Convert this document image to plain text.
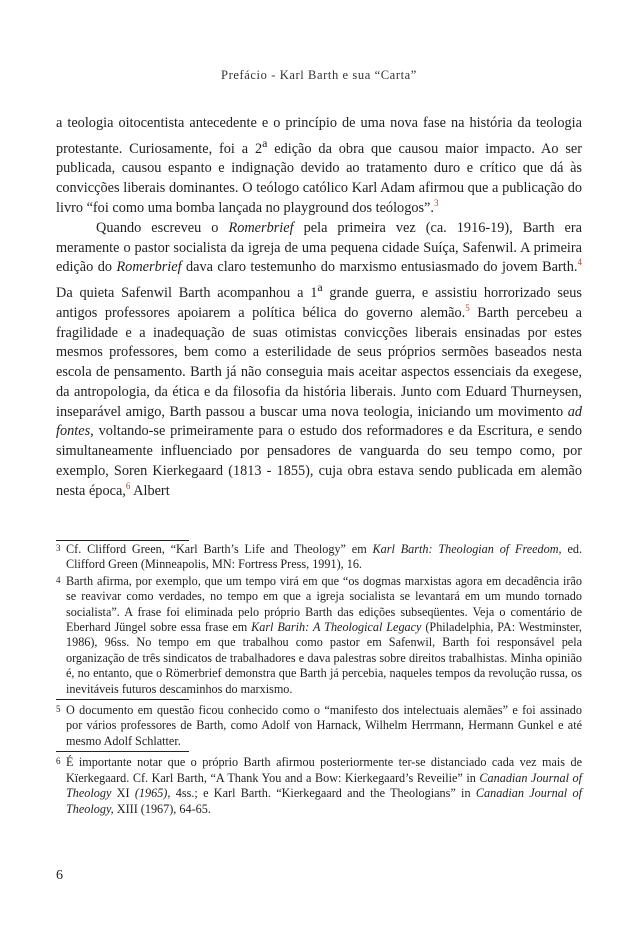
Prefácio - Karl Barth e sua “Carta”

a teologia oitocentista antecedente e o princípio de uma nova fase na história da teologia protestante. Curiosamente, foi a 2$^a$ edição da obra que causou maior impacto. Ao ser publicada, causou espanto e indignação devido ao tratamento duro e crítico que dá às convicções liberais dominantes. O teólogo católico Karl Adam afirmou que a publicação do livro “foi como uma bomba lançada no playground dos teólogos”.$^3$

Quando escreveu o Romerbrief pela primeira vez (ca. 1916-19), Barth era meramente o pastor socialista da igreja de uma pequena cidade Suíça, Safenwil. A primeira edição do Romerbrief dava claro testemunho do marxismo entusiasmado do jovem Barth.$^4$ Da quieta Safenwil Barth acompanhou a 1$^a$ grande guerra, e assistiu horrorizado seus antigos professores apoiarem a política bélica do governo alemão.$^5$ Barth percebeu a fragilidade e a inadequação de suas otimistas convicções liberais ensinadas por estes mesmos professores, bem como a esterilidade de seus próprios sermões baseados nesta escola de pensamento. Barth já não conseguia mais aceitar aspectos essenciais da exegese, da antropologia, da ética e da filosofia da história liberais. Junto com Eduard Thurneysen, inseparável amigo, Barth passou a buscar uma nova teologia, iniciando um movimento ad fontes, voltando-se primeiramente para o estudo dos reformadores e da Escritura, e sendo simultaneamente influenciado por pensadores de vanguarda do seu tempo como, por exemplo, Soren Kierkegaard (1813 - 1855), cuja obra estava sendo publicada em alemão nesta época,$^6$ Albert

3 Cf. Clifford Green, “Karl Barth’s Life and Theology” em Karl Barth: Theologian of Freedom, ed. Clifford Green (Minneapolis, MN: Fortress Press, 1991), 16.
4 Barth afirma, por exemplo, que um tempo virá em que “os dogmas marxistas agora em decadência irão se reavivar como verdades, no tempo em que a igreja socialista se levantará em um mundo tornado socialista”. A frase foi eliminada pelo próprio Barth das edições subseqüentes. Veja o comentário de Eberhard Jüngel sobre essa frase em Karl Barih: A Theological Legacy (Philadelphia, PA: Westminster, 1986), 96ss. No tempo em que trabalhou como pastor em Safenwil, Barth foi responsável pela organização de três sindicatos de trabalhadores e dava palestras sobre direitos trabalhistas. Minha opinião é, no entanto, que o Römerbrief demonstra que Barth já percebia, naqueles tempos da revolução russa, os inevitáveis futuros descaminhos do marxismo.
5 O documento em questão ficou conhecido como o “manifesto dos intelectuais alemães” e foi assinado por vários professores de Barth, como Adolf von Harnack, Wilhelm Herrmann, Hermann Gunkel e até mesmo Adolf Schlatter.
6 É importante notar que o próprio Barth afirmou posteriormente ter-se distanciado cada vez mais de Kïerkegaard. Cf. Karl Barth, “A Thank You and a Bow: Kierkegaard’s Reveilie” in Canadian Journal of Theology XI (1965), 4ss.; e Karl Barth. “Kierkegaard and the Theologians” in Canadian Journal of Theology, XIII (1967), 64-65.
6
